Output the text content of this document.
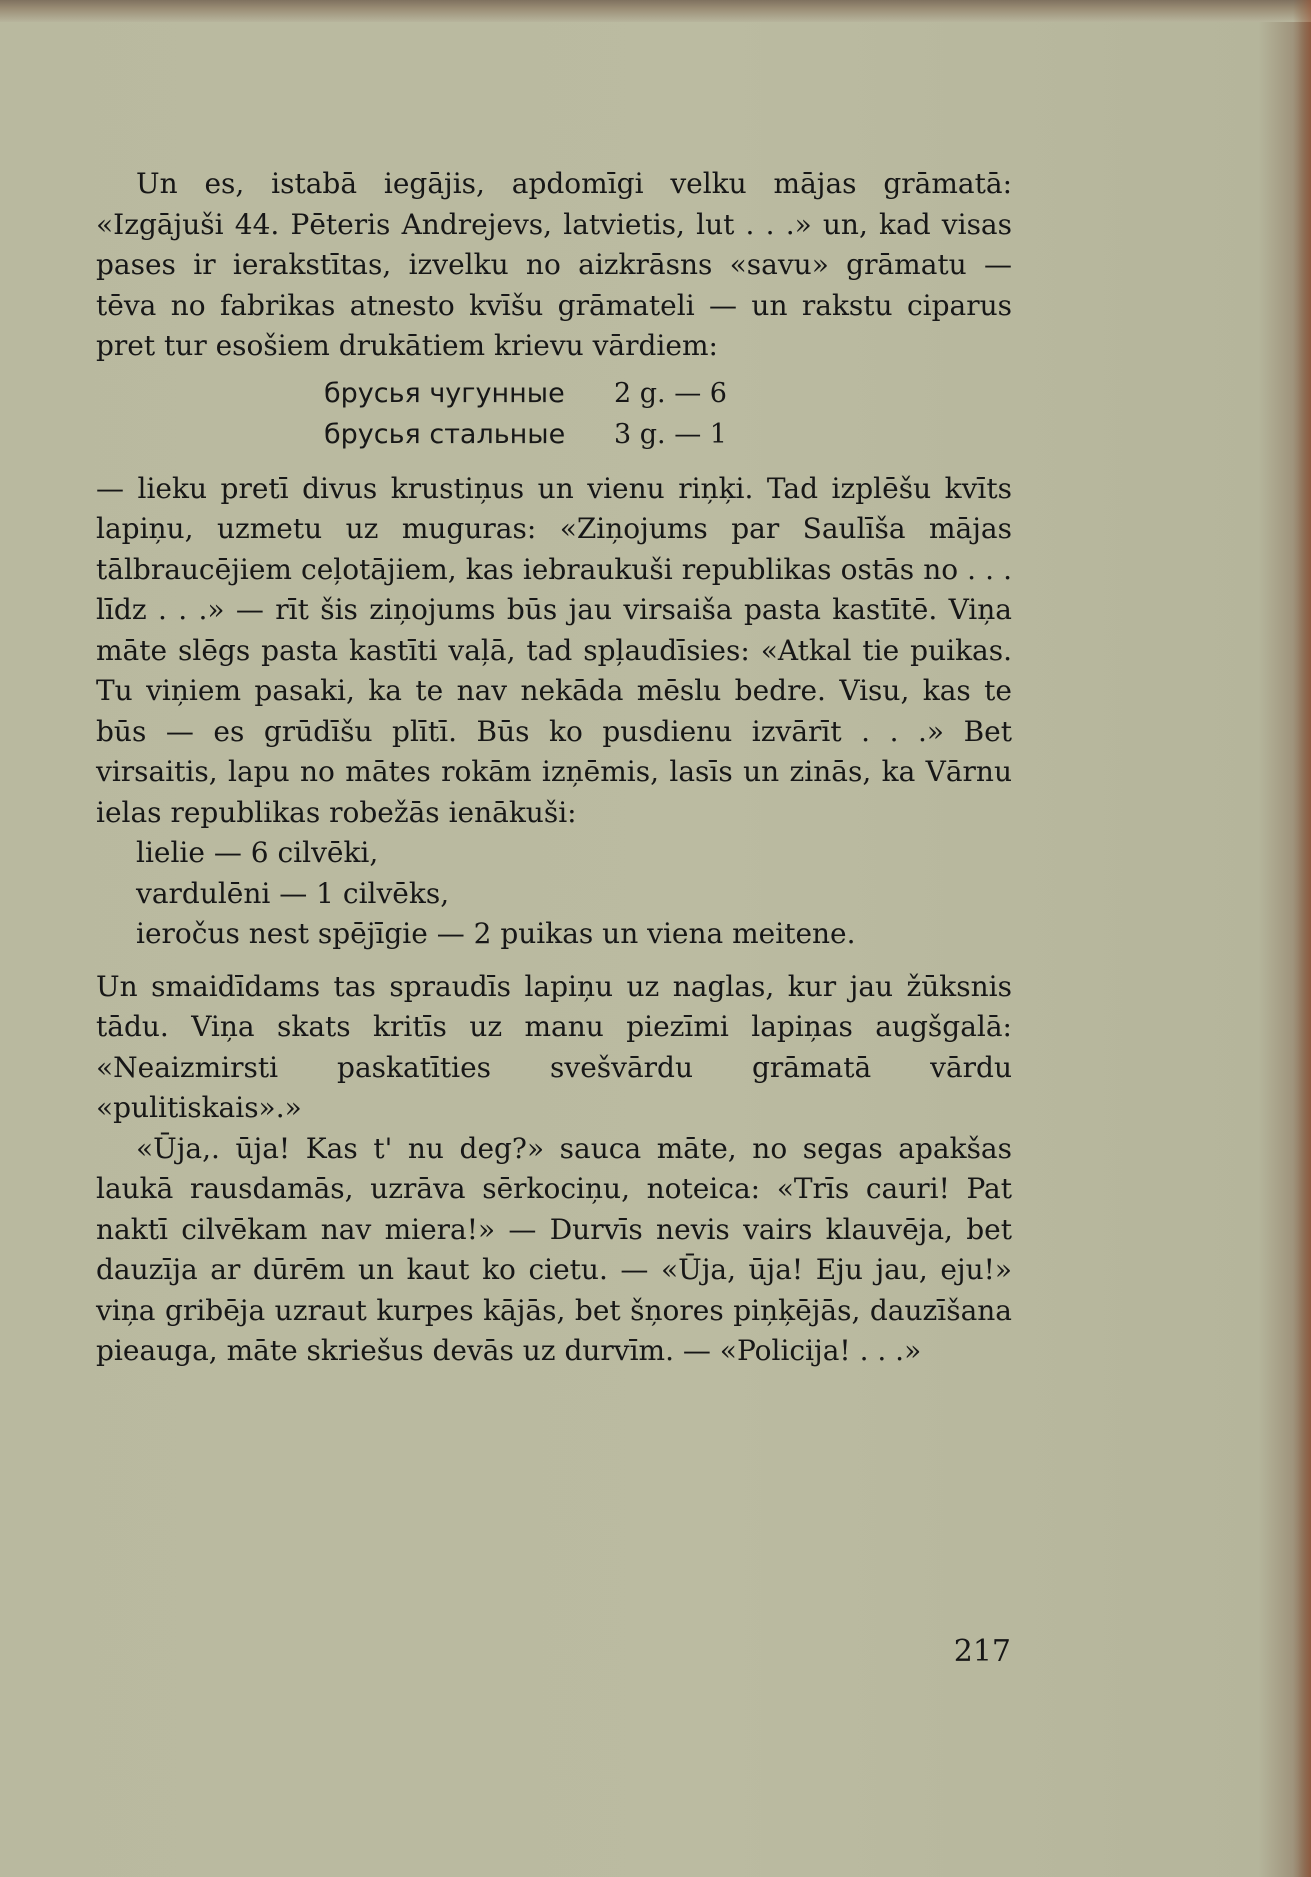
Un es, istabā iegājis, apdomīgi velku mājas grāmatā: «Izgājuši 44. Pēteris Andrejevs, latvietis, lut . . .» un, kad visas pases ir ierakstītas, izvelku no aizkrāsns «savu» grāmatu — tēva no fabrikas atnesto kvīšu grāmateli — un rakstu ciparus pret tur esošiem drukātiem krievu vārdiem:

брусья чугунные	2 g. — 6
брусья стальные	3 g. — 1

— lieku pretī divus krustiņus un vienu riņķi. Tad izplēšu kvīts lapiņu, uzmetu uz muguras: «Ziņojums par Saulīša mājas tālbraucējiem ceļotājiem, kas iebraukuši republikas ostās no . . . līdz . . .» — rīt šis ziņojums būs jau virsaiša pasta kastītē. Viņa māte slēgs pasta kastīti vaļā, tad spļaudīsies: «Atkal tie puikas. Tu viņiem pasaki, ka te nav nekāda mēslu bedre. Visu, kas te būs — es grūdīšu plītī. Būs ko pusdienu izvārīt . . .» Bet virsaitis, lapu no mātes rokām izņēmis, lasīs un zinās, ka Vārnu ielas republikas robežās ienākuši:

lielie — 6 cilvēki,
vardulēni — 1 cilvēks,
ieročus nest spējīgie — 2 puikas un viena meitene.

Un smaidīdams tas spraudīs lapiņu uz naglas, kur jau žūksnis tādu. Viņa skats kritīs uz manu piezīmi lapiņas augšgalā: «Neaizmirsti paskatīties svešvārdu grāmatā vārdu «pulitiskais».»

«Ūja,. ūja! Kas t' nu deg?» sauca māte, no segas apakšas laukā rausdamās, uzrāva sērkociņu, noteica: «Trīs cauri! Pat naktī cilvēkam nav miera!» — Durvīs nevis vairs klauvēja, bet dauzīja ar dūrēm un kaut ko cietu. — «Ūja, ūja! Eju jau, eju!» viņa gribēja uzraut kurpes kājās, bet šņores piņķējās, dauzīšana pieauga, māte skriešus devās uz durvīm. — «Policija! . . .»

217
